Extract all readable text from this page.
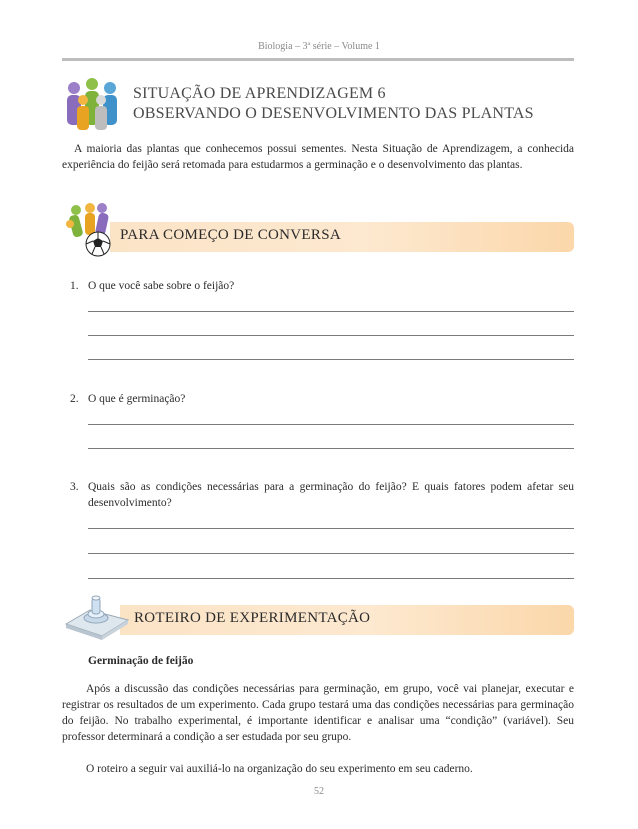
Biologia – 3ª série – Volume 1
SITUAÇÃO DE APRENDIZAGEM 6
OBSERVANDO O DESENVOLVIMENTO DAS PLANTAS
A maioria das plantas que conhecemos possui sementes. Nesta Situação de Aprendizagem, a conhecida experiência do feijão será retomada para estudarmos a germinação e o desenvolvimento das plantas.
PARA COMEÇO DE CONVERSA
1. O que você sabe sobre o feijão?
2. O que é germinação?
3. Quais são as condições necessárias para a germinação do feijão? E quais fatores podem afetar seu desenvolvimento?
ROTEIRO DE EXPERIMENTAÇÃO
Germinação de feijão
Após a discussão das condições necessárias para germinação, em grupo, você vai planejar, executar e registrar os resultados de um experimento. Cada grupo testará uma das condições necessárias para germinação do feijão. No trabalho experimental, é importante identificar e analisar uma “condição” (variável). Seu professor determinará a condição a ser estudada por seu grupo.
O roteiro a seguir vai auxiliá-lo na organização do seu experimento em seu caderno.
52
